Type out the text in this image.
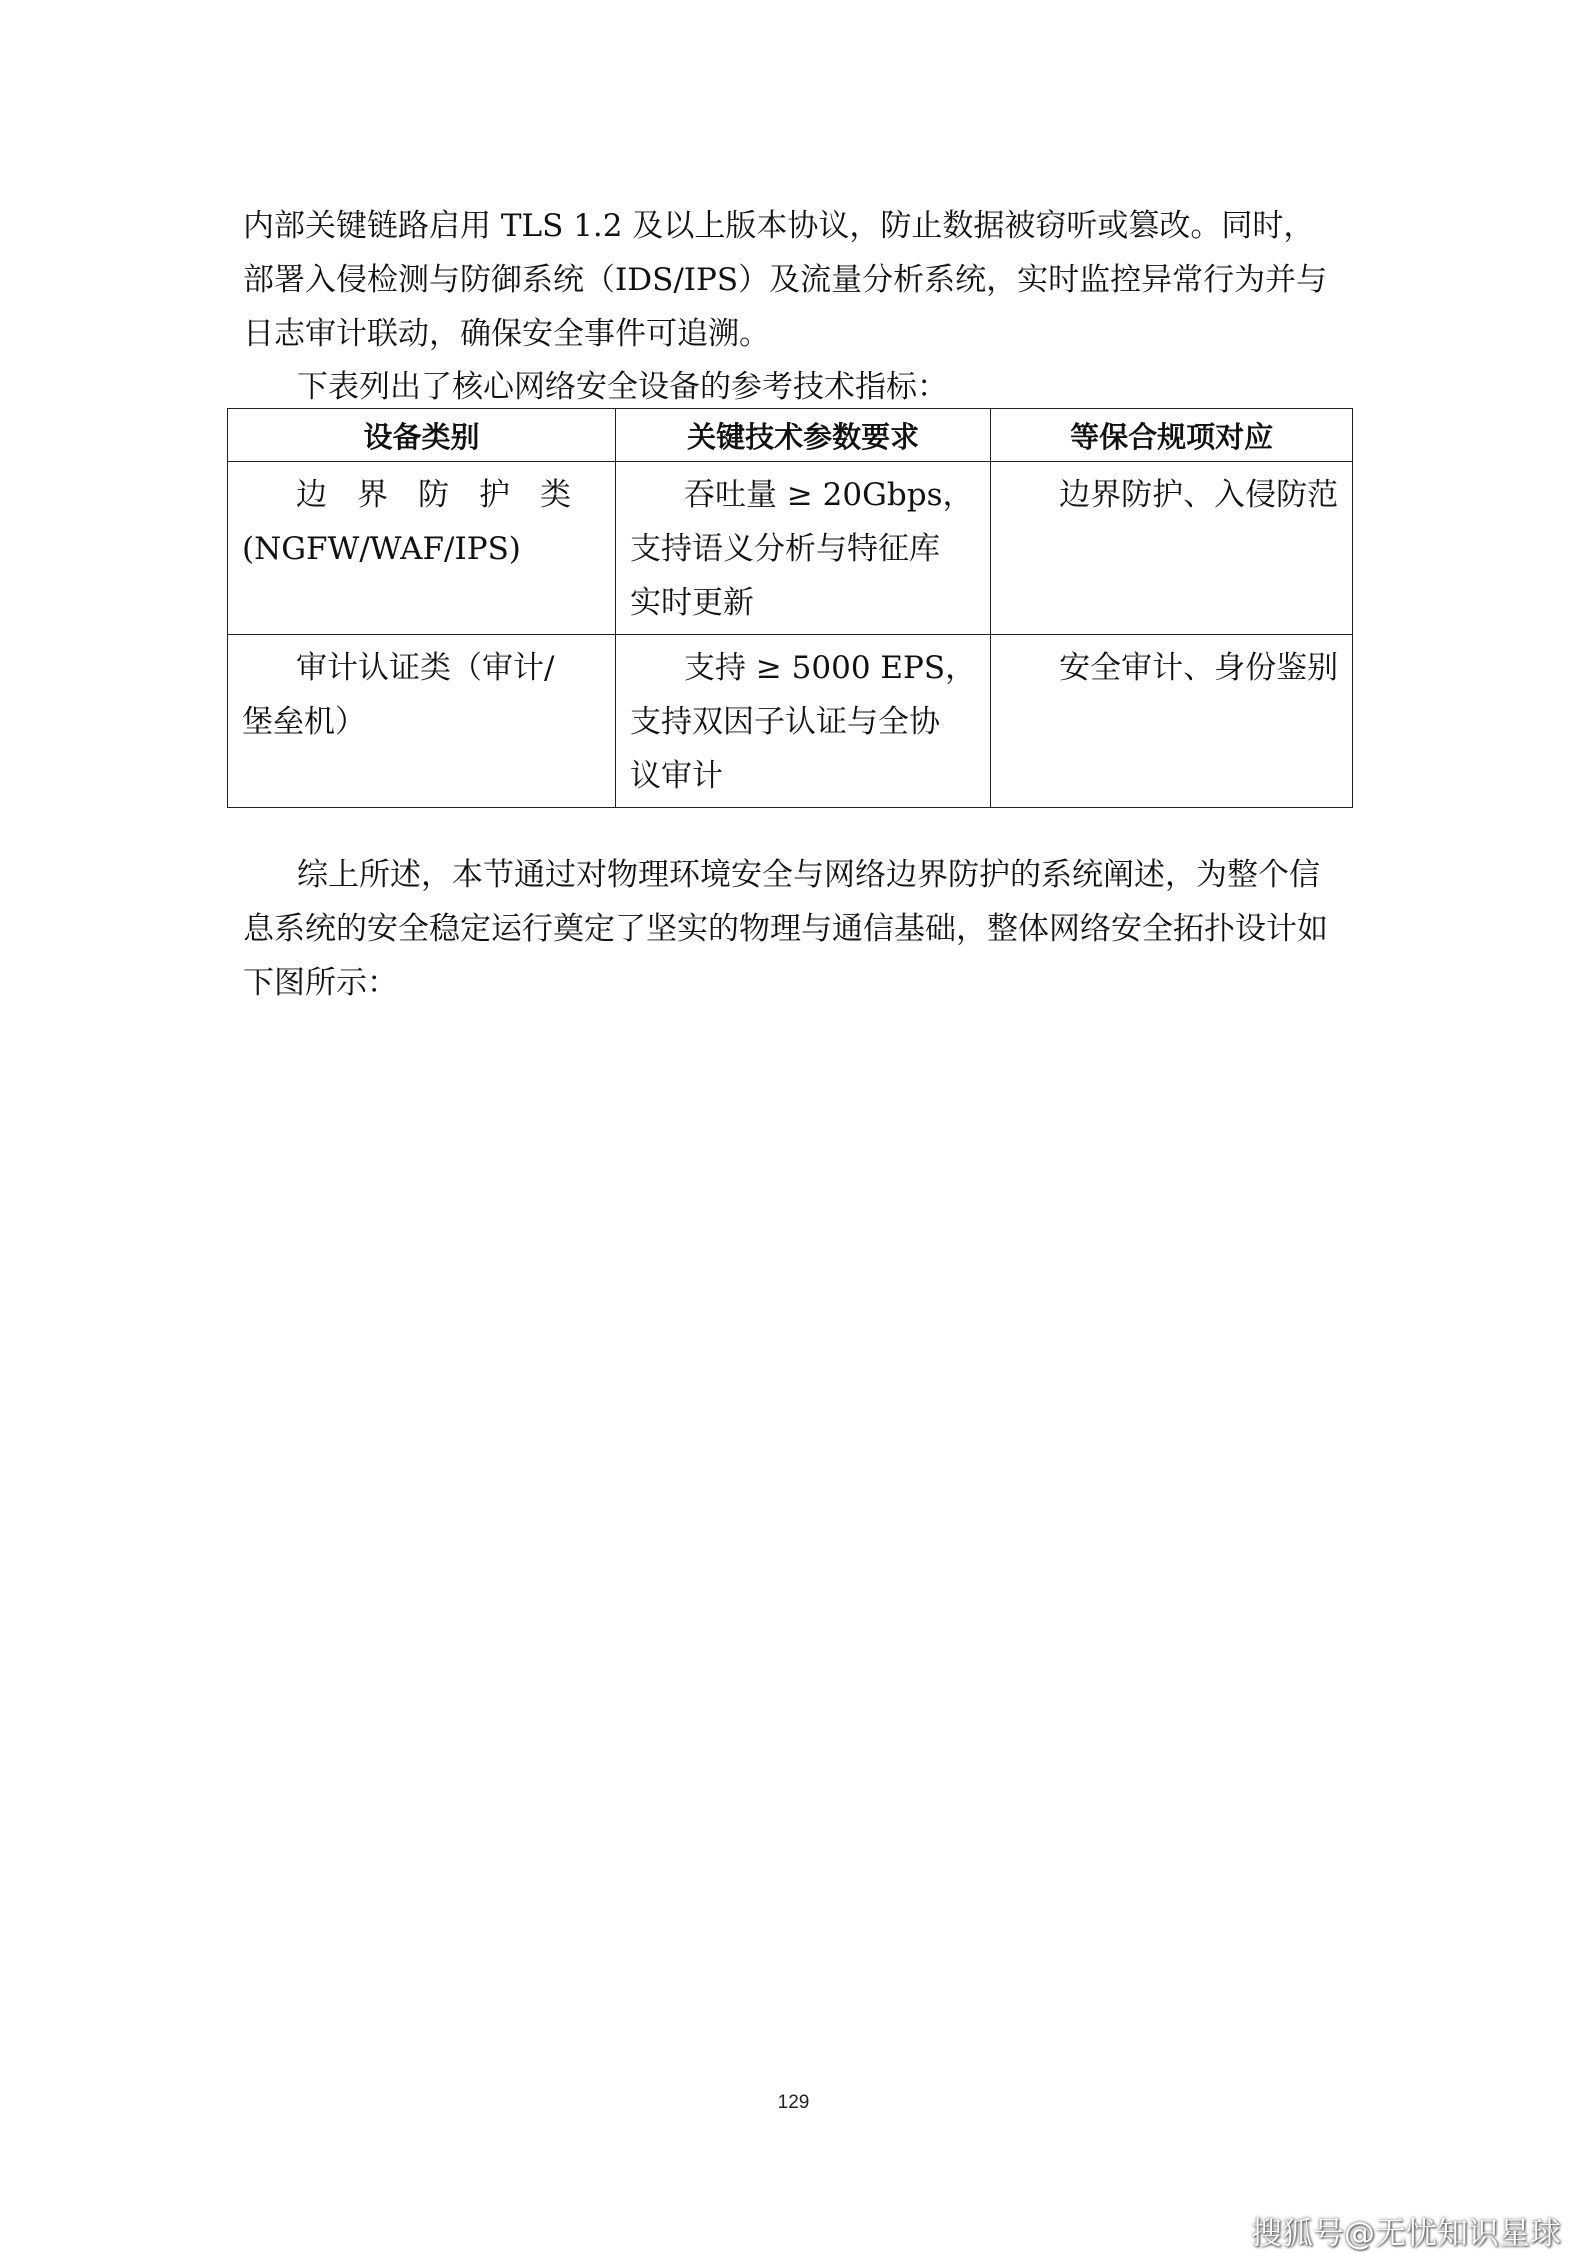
内部关键链路启用 TLS 1.2 及以上版本协议，防止数据被窃听或篡改。同时，
部署入侵检测与防御系统（IDS/IPS）及流量分析系统，实时监控异常行为并与
日志审计联动，确保安全事件可追溯。

下表列出了核心网络安全设备的参考技术指标：

设备类别	关键技术参数要求	等保合规项对应

边界防护类
(NGFW/WAF/IPS)	吞吐量 ≥ 20Gbps，
支持语义分析与特征库
实时更新	边界防护、入侵防范

审计认证类（审计/
堡垒机）	支持 ≥ 5000 EPS，
支持双因子认证与全协
议审计	安全审计、身份鉴别

综上所述，本节通过对物理环境安全与网络边界防护的系统阐述，为整个信
息系统的安全稳定运行奠定了坚实的物理与通信基础，整体网络安全拓扑设计如
下图所示：

129
搜狐号@无忧知识星球
